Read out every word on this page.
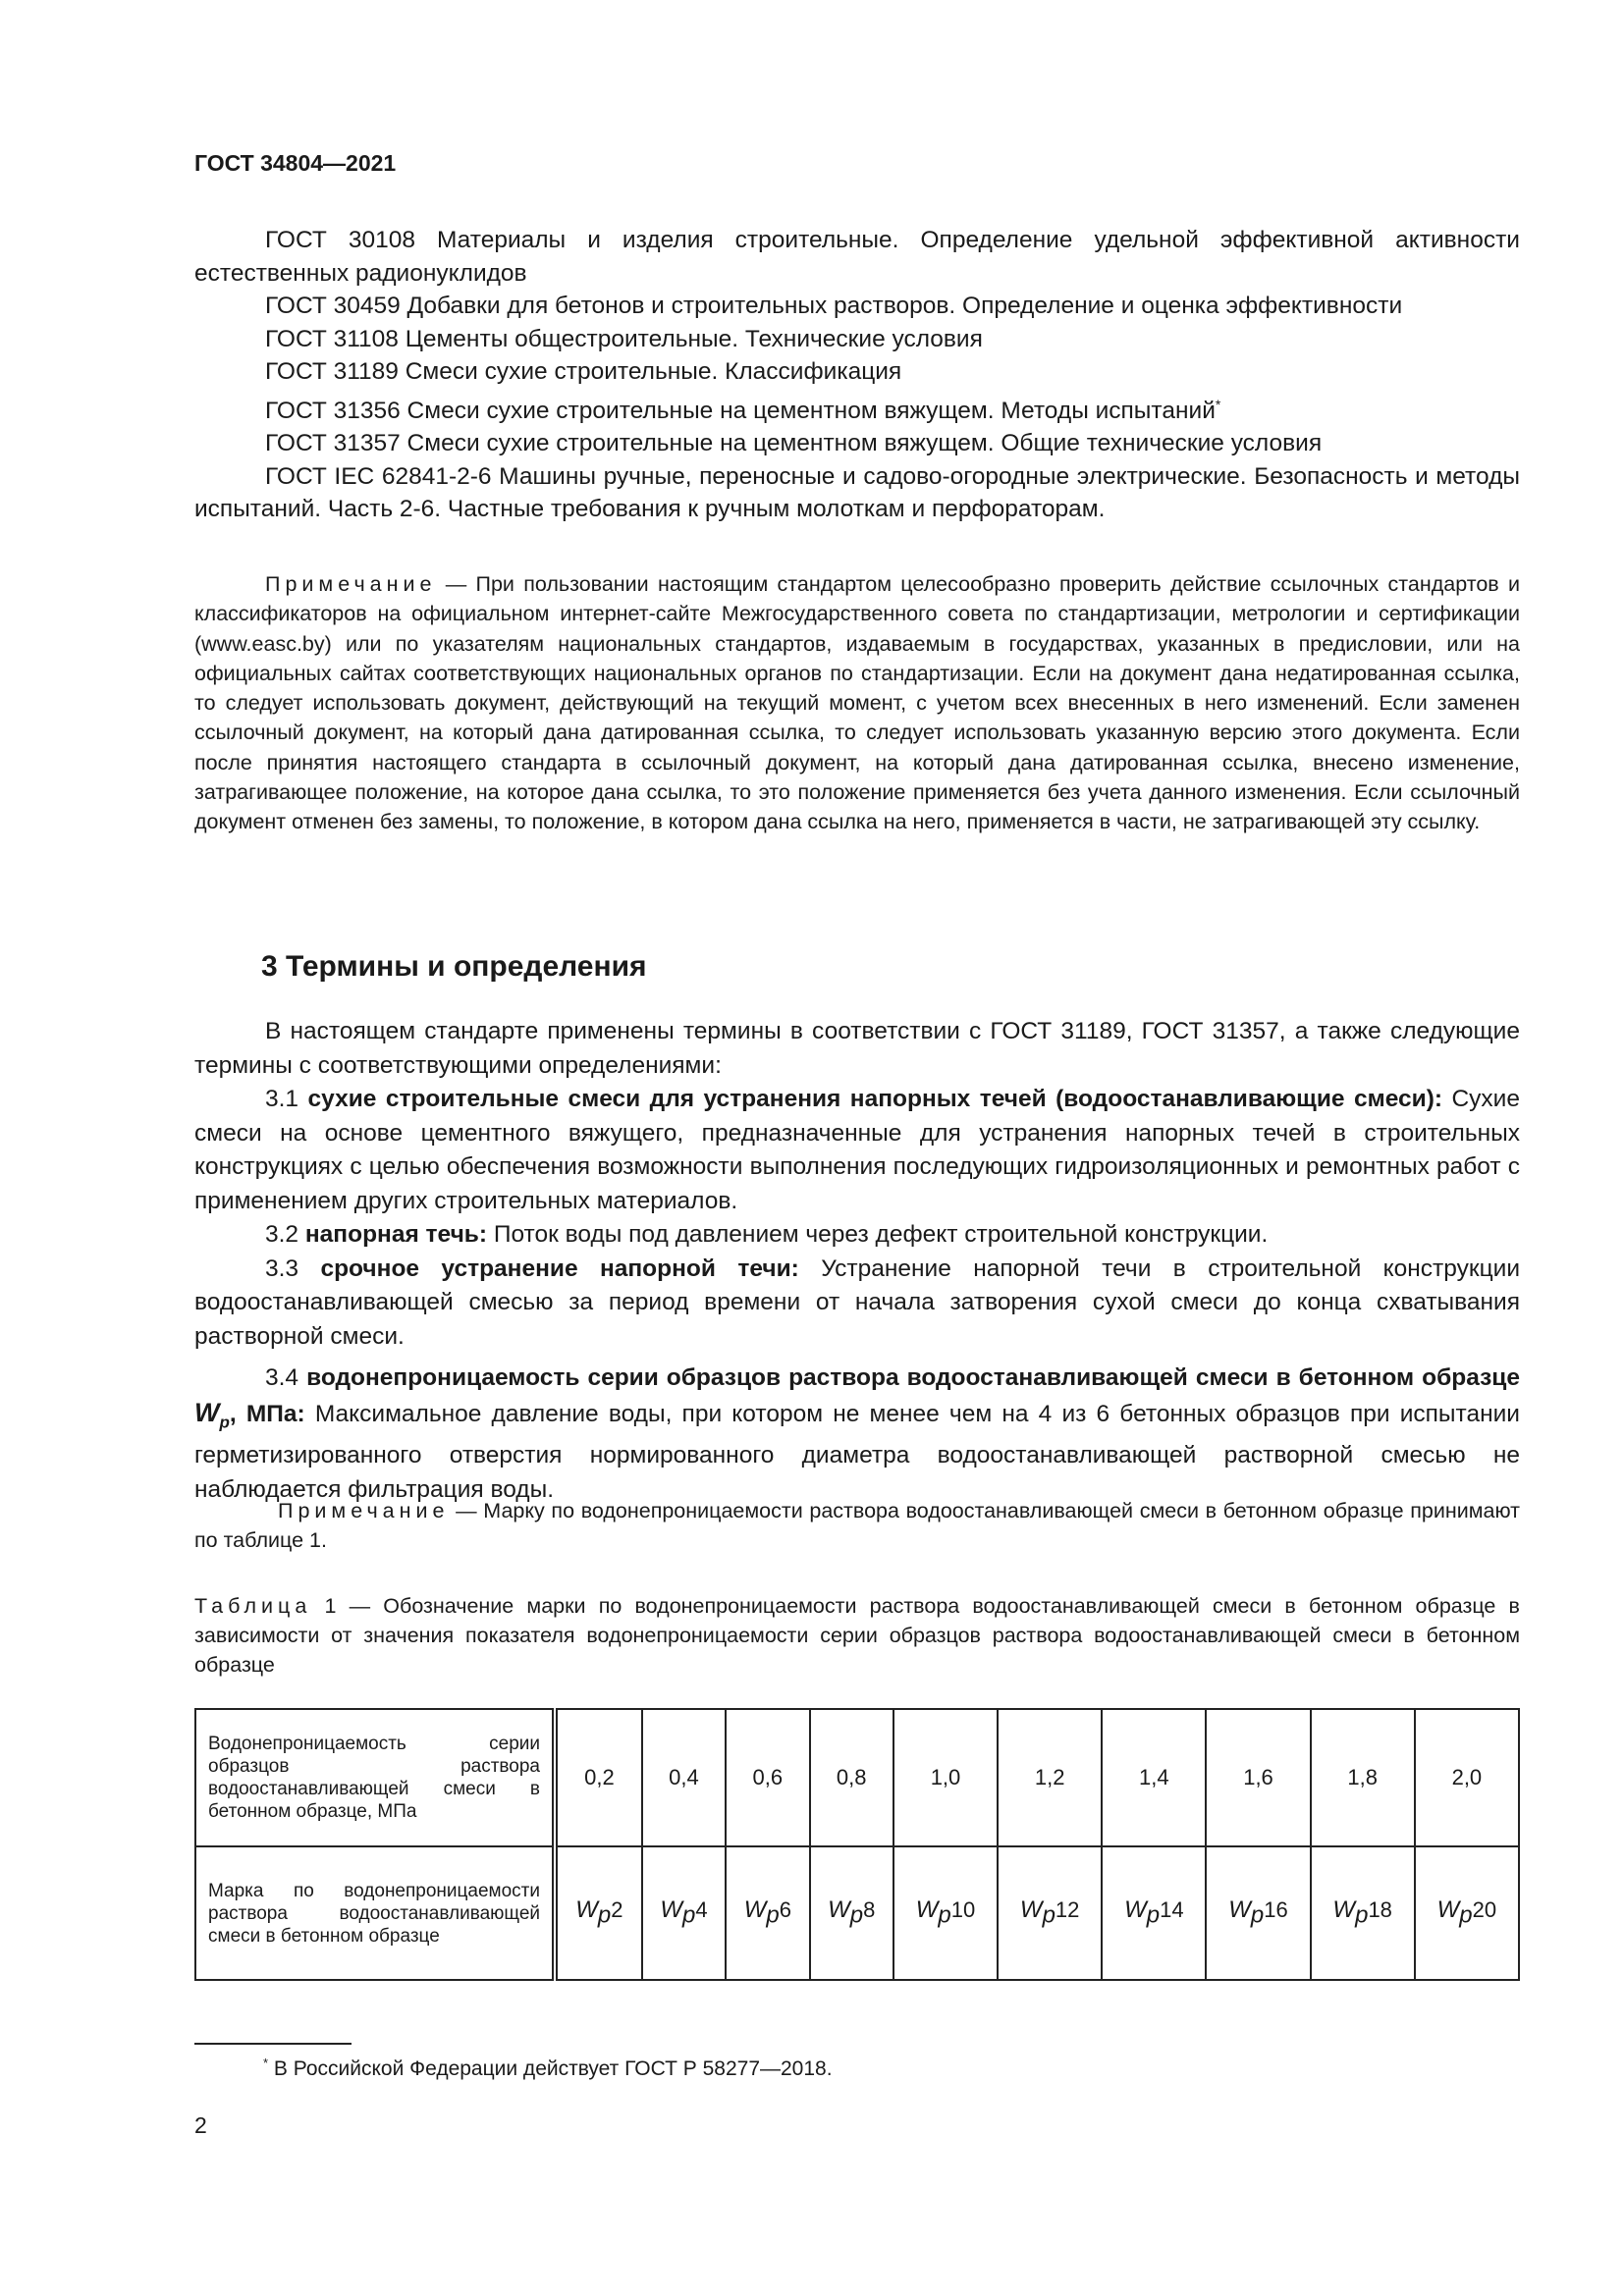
ГОСТ 34804—2021

ГОСТ 30108 Материалы и изделия строительные. Определение удельной эффективной активности естественных радионуклидов

ГОСТ 30459 Добавки для бетонов и строительных растворов. Определение и оценка эффективности

ГОСТ 31108 Цементы общестроительные. Технические условия

ГОСТ 31189 Смеси сухие строительные. Классификация

ГОСТ 31356 Смеси сухие строительные на цементном вяжущем. Методы испытаний*

ГОСТ 31357 Смеси сухие строительные на цементном вяжущем. Общие технические условия

ГОСТ IEC 62841-2-6 Машины ручные, переносные и садово-огородные электрические. Безопасность и методы испытаний. Часть 2-6. Частные требования к ручным молоткам и перфораторам.

Примечание — При пользовании настоящим стандартом целесообразно проверить действие ссылочных стандартов и классификаторов на официальном интернет-сайте Межгосударственного совета по стандартизации, метрологии и сертификации (www.easc.by) или по указателям национальных стандартов, издаваемым в государствах, указанных в предисловии, или на официальных сайтах соответствующих национальных органов по стандартизации. Если на документ дана недатированная ссылка, то следует использовать документ, действующий на текущий момент, с учетом всех внесенных в него изменений. Если заменен ссылочный документ, на который дана датированная ссылка, то следует использовать указанную версию этого документа. Если после принятия настоящего стандарта в ссылочный документ, на который дана датированная ссылка, внесено изменение, затрагивающее положение, на которое дана ссылка, то это положение применяется без учета данного изменения. Если ссылочный документ отменен без замены, то положение, в котором дана ссылка на него, применяется в части, не затрагивающей эту ссылку.
3 Термины и определения

В настоящем стандарте применены термины в соответствии с ГОСТ 31189, ГОСТ 31357, а также следующие термины с соответствующими определениями:

3.1 сухие строительные смеси для устранения напорных течей (водоостанавливающие смеси): Сухие смеси на основе цементного вяжущего, предназначенные для устранения напорных течей в строительных конструкциях с целью обеспечения возможности выполнения последующих гидроизоляционных и ремонтных работ с применением других строительных материалов.

3.2 напорная течь: Поток воды под давлением через дефект строительной конструкции.

3.3 срочное устранение напорной течи: Устранение напорной течи в строительной конструкции водоостанавливающей смесью за период времени от начала затворения сухой смеси до конца схватывания растворной смеси.

3.4 водонепроницаемость серии образцов раствора водоостанавливающей смеси в бетонном образце $W_p$, МПа: Максимальное давление воды, при котором не менее чем на 4 из 6 бетонных образцов при испытании герметизированного отверстия нормированного диаметра водоостанавливающей растворной смесью не наблюдается фильтрация воды.

Примечание — Марку по водонепроницаемости раствора водоостанавливающей смеси в бетонном образце принимают по таблице 1.
Таблица 1 — Обозначение марки по водонепроницаемости раствора водоостанавливающей смеси в бетонном образце в зависимости от значения показателя водонепроницаемости серии образцов раствора водоостанавливающей смеси в бетонном образце
Водонепроницаемость серии образцов раствора водоостанавливающей смеси в бетонном образце, МПа	0,2	0,4	0,6	0,8	1,0	1,2	1,4	1,6	1,8	2,0
Марка по водонепроницаемости раствора водоостанавливающей смеси в бетонном образце	$W_p2$	$W_p4$	$W_p6$	$W_p8$	$W_p10$	$W_p12$	$W_p14$	$W_p16$	$W_p18$	$W_p20$
* В Российской Федерации действует ГОСТ Р 58277—2018.
2
